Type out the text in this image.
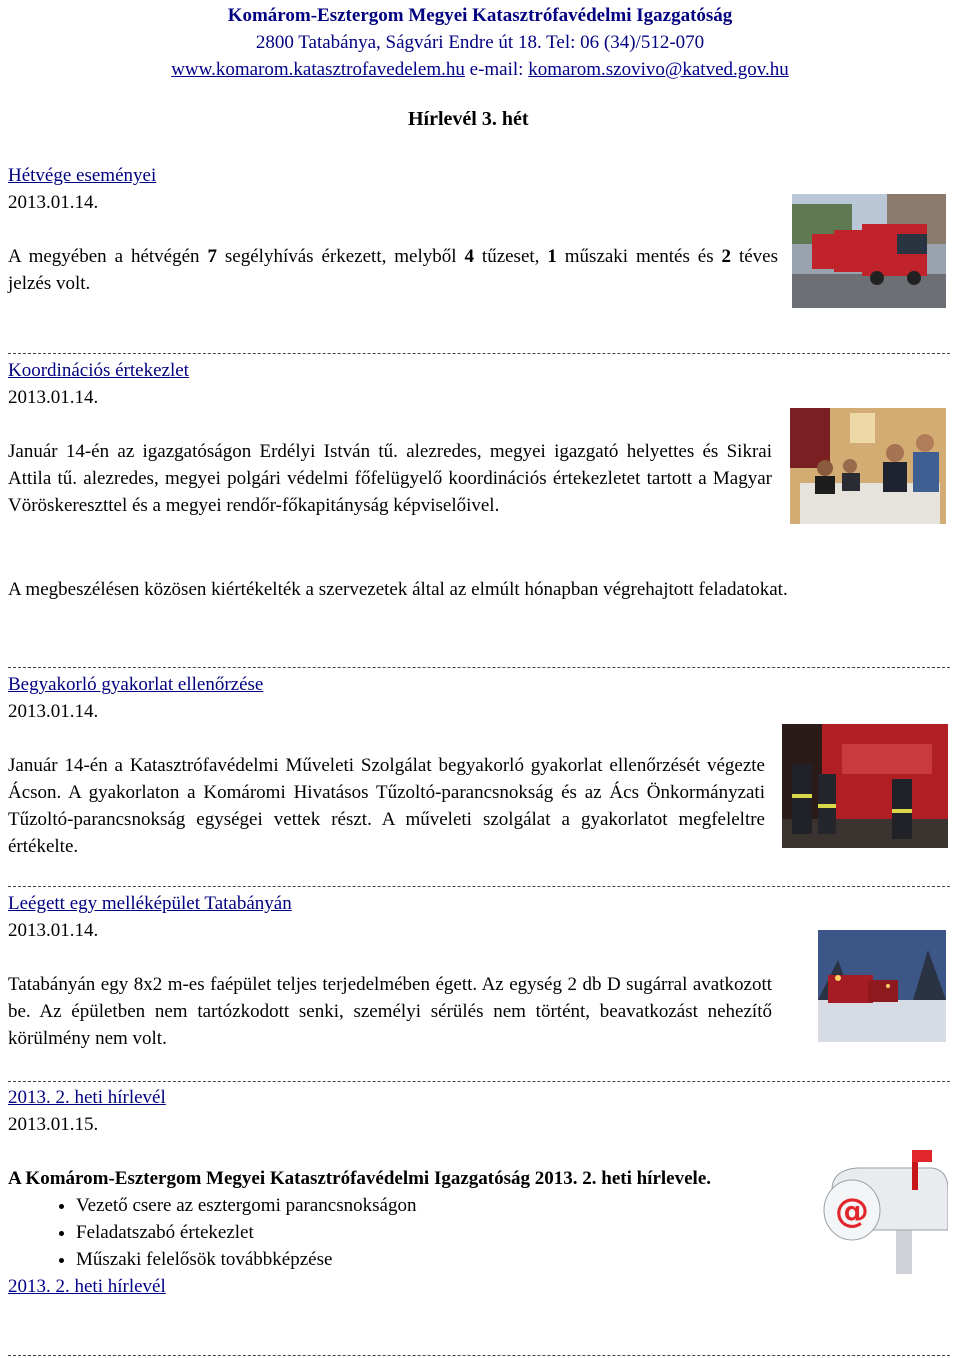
Komárom-Esztergom Megyei Katasztrófavédelmi Igazgatóság
2800 Tatabánya, Ságvári Endre út 18. Tel: 06 (34)/512-070
www.komarom.katasztrofavedelem.hu e-mail: komarom.szovivo@katved.gov.hu
Hírlevél 3. hét

Hétvége eseményei

2013.01.14.

A megyében a hétvégén 7 segélyhívás érkezett, melyből 4 tűzeset, 1 műszaki mentés és 2 téves jelzés volt.

Koordinációs értekezlet

2013.01.14.

Január 14-én az igazgatóságon Erdélyi István tű. alezredes, megyei igazgató helyettes és Sikrai Attila tű. alezredes, megyei polgári védelmi főfelügyelő koordinációs értekezletet tartott a Magyar Vöröskereszttel és a megyei rendőr-főkapitányság képviselőivel.

A megbeszélésen közösen kiértékelték a szervezetek által az elmúlt hónapban végrehajtott feladatokat.

Begyakorló gyakorlat ellenőrzése

2013.01.14.

Január 14-én a Katasztrófavédelmi Műveleti Szolgálat begyakorló gyakorlat ellenőrzését végezte Ácson. A gyakorlaton a Komáromi Hivatásos Tűzoltó-parancsnokság és az Ács Önkormányzati Tűzoltó-parancsnokság egységei vettek részt. A műveleti szolgálat a gyakorlatot megfeleltre értékelte.

Leégett egy melléképület Tatabányán

2013.01.14.

Tatabányán egy 8x2 m-es faépület teljes terjedelmében égett. Az egység 2 db D sugárral avatkozott be. Az épületben nem tartózkodott senki, személyi sérülés nem történt, beavatkozást nehezítő körülmény nem volt.

2013. 2. heti hírlevél

2013.01.15.

A Komárom-Esztergom Megyei Katasztrófavédelmi Igazgatóság 2013. 2. heti hírlevele.

• Vezető csere az esztergomi parancsnokságon
• Feladatszabó értekezlet
• Műszaki felelősök továbbképzése

2013. 2. heti hírlevél

@
